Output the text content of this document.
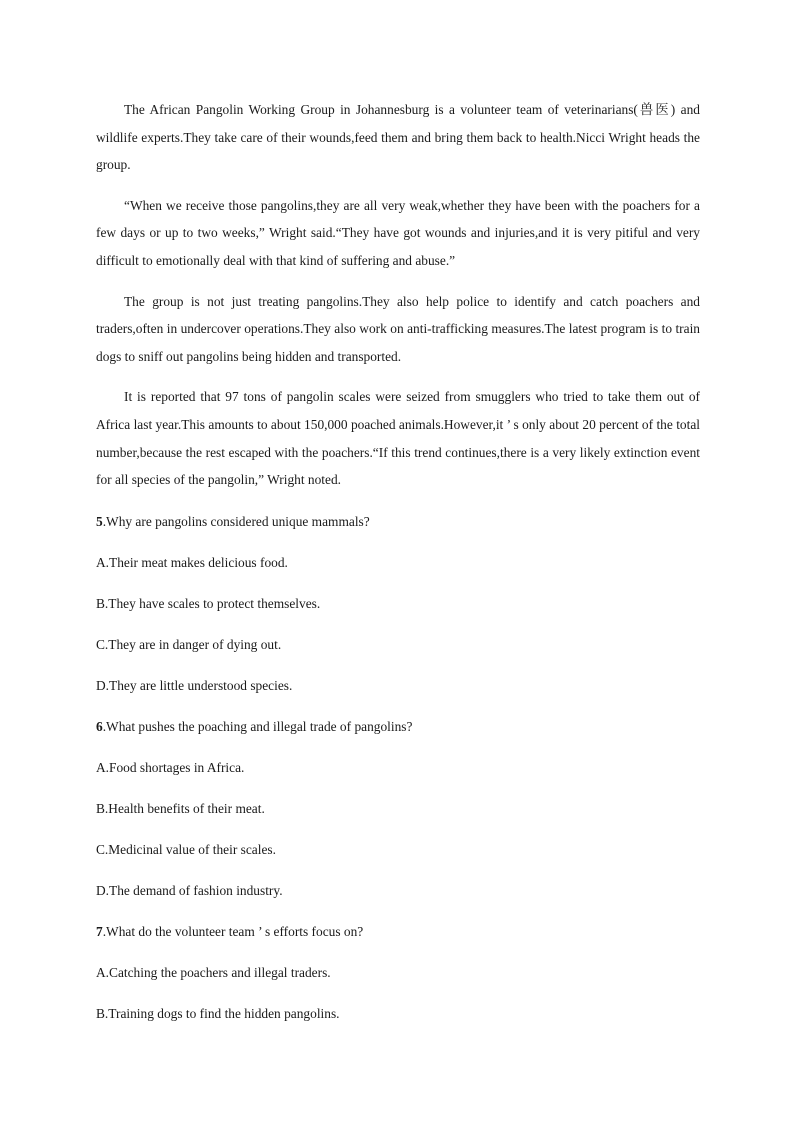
The African Pangolin Working Group in Johannesburg is a volunteer team of veterinarians(兽医) and wildlife experts.They take care of their wounds,feed them and bring them back to health.Nicci Wright heads the group.

“When we receive those pangolins,they are all very weak,whether they have been with the poachers for a few days or up to two weeks,” Wright said.“They have got wounds and injuries,and it is very pitiful and very difficult to emotionally deal with that kind of suffering and abuse.”

The group is not just treating pangolins.They also help police to identify and catch poachers and traders,often in undercover operations.They also work on anti-trafficking measures.The latest program is to train dogs to sniff out pangolins being hidden and transported.

It is reported that 97 tons of pangolin scales were seized from smugglers who tried to take them out of Africa last year.This amounts to about 150,000 poached animals.However,it ’ s only about 20 percent of the total number,because the rest escaped with the poachers.“If this trend continues,there is a very likely extinction event for all species of the pangolin,” Wright noted.

5.Why are pangolins considered unique mammals?
A.Their meat makes delicious food.
B.They have scales to protect themselves.
C.They are in danger of dying out.
D.They are little understood species.
6.What pushes the poaching and illegal trade of pangolins?
A.Food shortages in Africa.
B.Health benefits of their meat.
C.Medicinal value of their scales.
D.The demand of fashion industry.
7.What do the volunteer team ’ s efforts focus on?
A.Catching the poachers and illegal traders.
B.Training dogs to find the hidden pangolins.
